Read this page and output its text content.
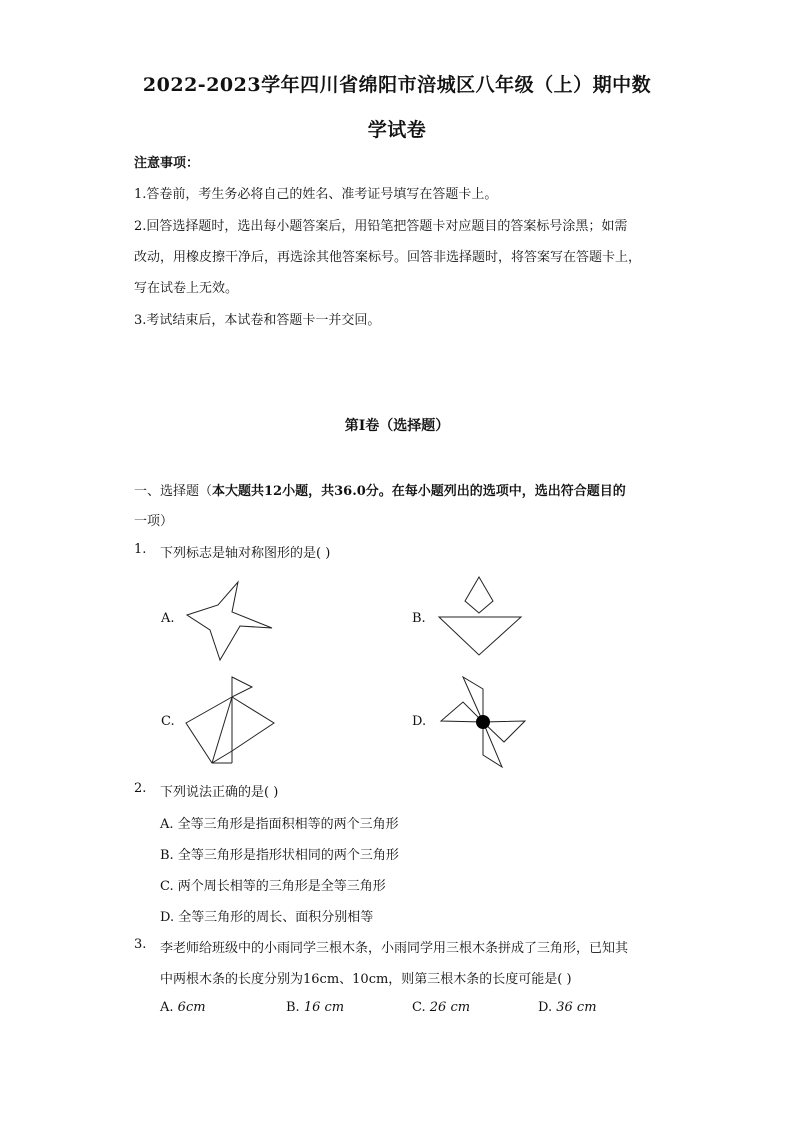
2022-2023学年四川省绵阳市涪城区八年级（上）期中数
学试卷
注意事项：
1.答卷前，考生务必将自己的姓名、准考证号填写在答题卡上。
2.回答选择题时，选出每小题答案后，用铅笔把答题卡对应题目的答案标号涂黑；如需
改动，用橡皮擦干净后，再选涂其他答案标号。回答非选择题时，将答案写在答题卡上，
写在试卷上无效。
3.考试结束后，本试卷和答题卡一并交回。
第Ⅰ卷（选择题）
一、选择题（本大题共12小题，共36.0分。在每小题列出的选项中，选出符合题目的
一项）
1. 下列标志是轴对称图形的是( )
A.	B.
C.	D.
2. 下列说法正确的是( )
A. 全等三角形是指面积相等的两个三角形
B. 全等三角形是指形状相同的两个三角形
C. 两个周长相等的三角形是全等三角形
D. 全等三角形的周长、面积分别相等
3. 李老师给班级中的小雨同学三根木条，小雨同学用三根木条拼成了三角形，已知其
中两根木条的长度分别为16cm、10cm，则第三根木条的长度可能是( )
A. 6cm	B. 16 cm	C. 26 cm	D. 36 cm
